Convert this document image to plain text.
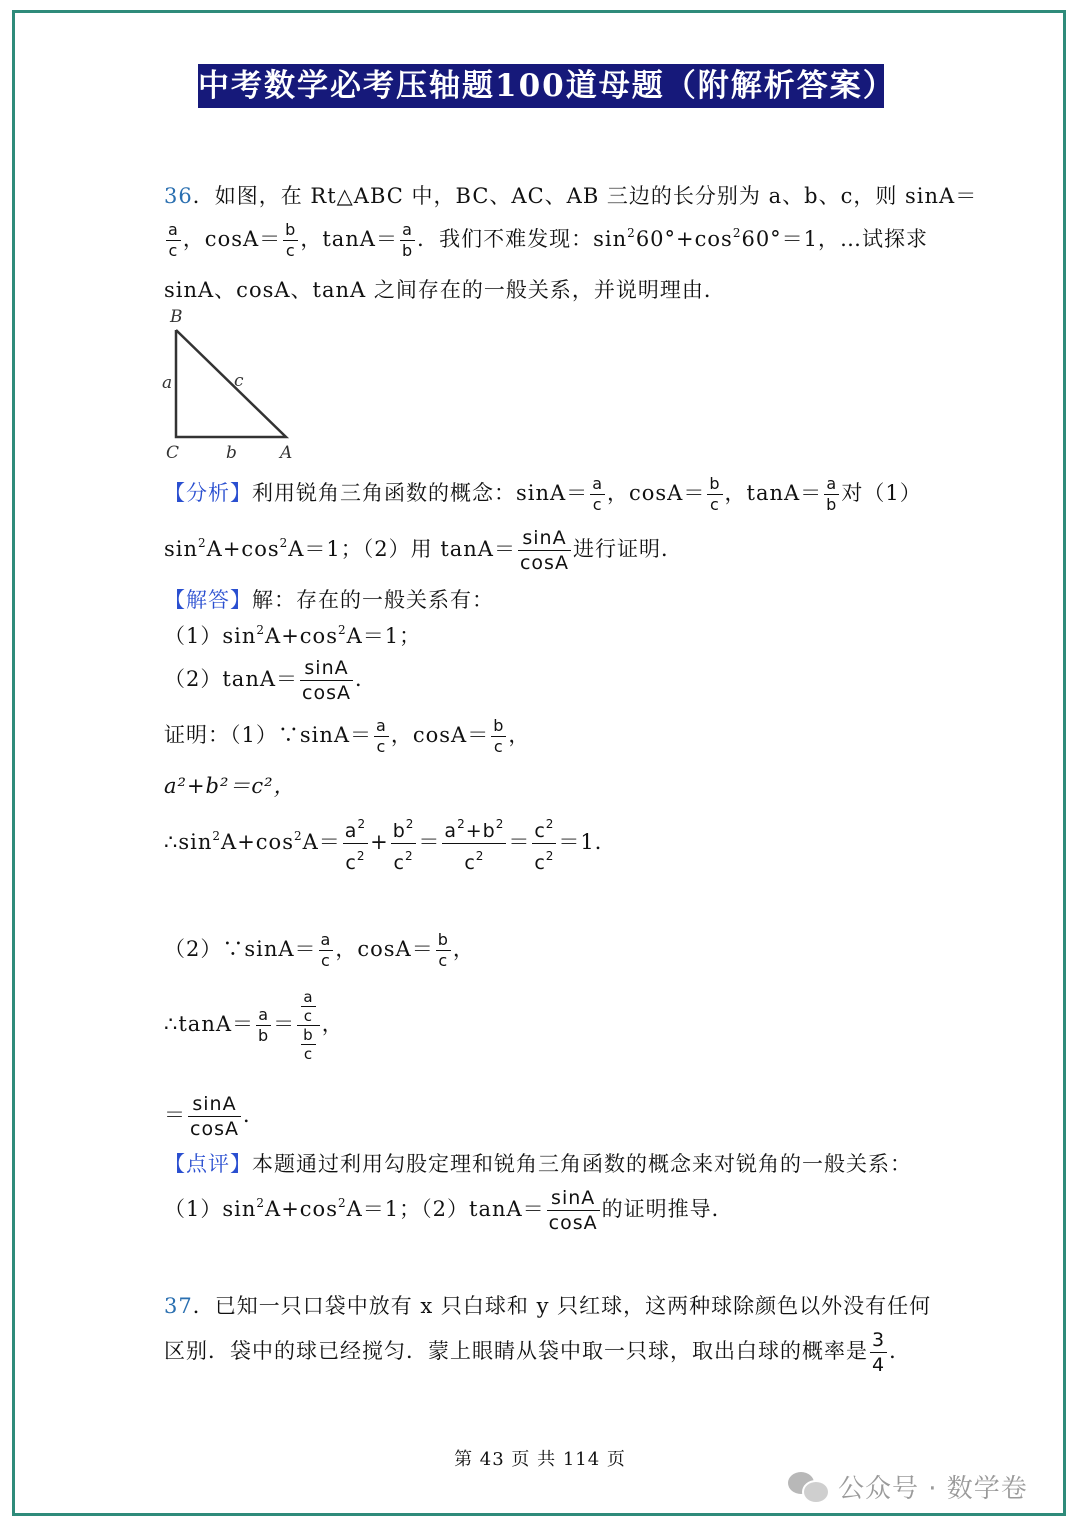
中考数学必考压轴题100道母题（附解析答案）
36．如图，在 Rt△ABC 中，BC、AC、AB 三边的长分别为 a、b、c，则 sinA＝
$\frac{a}{c}$ ，$\cos A= \frac{b}{c}$ ，$\tan A= \frac{a}{b}$ ．我们不难发现：$\sin^260^\circ+\cos^260^\circ=1$，…试探求
sinA、cosA、tanA 之间存在的一般关系，并说明理由．
【分析】利用锐角三角函数的概念：$\sin A= \frac{a}{c}$ ，$\cos A= \frac{b}{c}$ ，$\tan A= \frac{a}{b}$ 对（1）
$\sin^2A+\cos^2A=1$；（2）用 $\tan A= \frac{\sin A}{\cos A}$ 进行证明．
【解答】解：存在的一般关系有：
$(1)\sin^2A+\cos^2A=1$；
$(2)\tan A= \frac{\sin A}{\cos A}$ ．
证明：（1）∵sinA＝ $\frac{a}{c}$ ，$\cos A= \frac{b}{c}$ ，
a²+b²＝c²，
$\therefore\sin^2A+\cos^2A= \frac{a^2}{c^2} + \frac{b^2}{c^2} = \frac{a^2+b^2}{c^2} = \frac{c^2}{c^2} =1$．
（2）∵sinA＝ $\frac{a}{c}$ ，$\cos A= \frac{b}{c}$ ，
∴tanA＝ $\frac{a}{b} = \frac{\frac{a}{c}}{\frac{b}{c}}$ ，
＝ $\frac{\sin A}{\cos A}$ ．
【点评】本题通过利用勾股定理和锐角三角函数的概念来对锐角的一般关系：
$(1)\sin^2A+\cos^2A=1$；$(2)\tan A= \frac{\sin A}{\cos A}$ 的证明推导．
37．已知一只口袋中放有 x 只白球和 y 只红球，这两种球除颜色以外没有任何
区别．袋中的球已经搅匀．蒙上眼睛从袋中取一只球，取出白球的概率是 $\frac{3}{4}$ ．
B
C	A
a
b
c
第 43 页 共 114 页
公众号 · 数学卷
